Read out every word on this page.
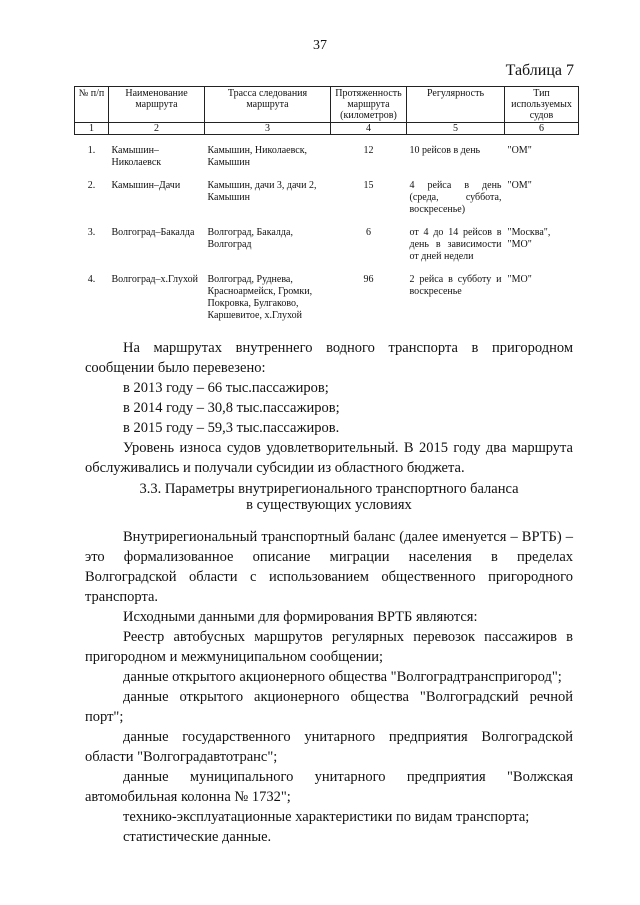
37
Таблица 7
№ п/п	Наименование маршрута	Трасса следования маршрута	Протяженность маршрута (километров)	Регулярность	Тип используемых судов
1	2	3	4	5	6
1.	Камышин–Николаевск	Камышин, Николаевск, Камышин	12	10 рейсов в день	"ОМ"
2.	Камышин–Дачи	Камышин, дачи 3, дачи 2, Камышин	15	4 рейса в день (среда, суббота, воскресенье)	"ОМ"
3.	Волгоград–Бакалда	Волгоград, Бакалда, Волгоград	6	от 4 до 14 рейсов в день в зависимости от дней недели	"Москва", "МО"
4.	Волгоград–х.Глухой	Волгоград, Руднева, Красноармейск, Громки, Покровка, Булгаково, Каршевитое, х.Глухой	96	2 рейса в субботу и воскресенье	"МО"

На маршрутах внутреннего водного транспорта в пригородном сообщении было перевезено:

в 2013 году – 66 тыс.пассажиров;

в 2014 году – 30,8 тыс.пассажиров;

в 2015 году – 59,3 тыс.пассажиров.

Уровень износа судов удовлетворительный. В 2015 году два маршрута обслуживались и получали субсидии из областного бюджета.

3.3. Параметры внутрирегионального транспортного баланса
в существующих условиях

Внутрирегиональный транспортный баланс (далее именуется – ВРТБ) – это формализованное описание миграции населения в пределах Волгоградской области с использованием общественного пригородного транспорта.

Исходными данными для формирования ВРТБ являются:

Реестр автобусных маршрутов регулярных перевозок пассажиров в пригородном и межмуниципальном сообщении;

данные открытого акционерного общества "Волгоградтранспригород";

данные открытого акционерного общества "Волгоградский речной порт";

данные государственного унитарного предприятия Волгоградской области "Волгоградавтотранс";

данные муниципального унитарного предприятия "Волжская автомобильная колонна № 1732";

технико-эксплуатационные характеристики по видам транспорта;

статистические данные.
